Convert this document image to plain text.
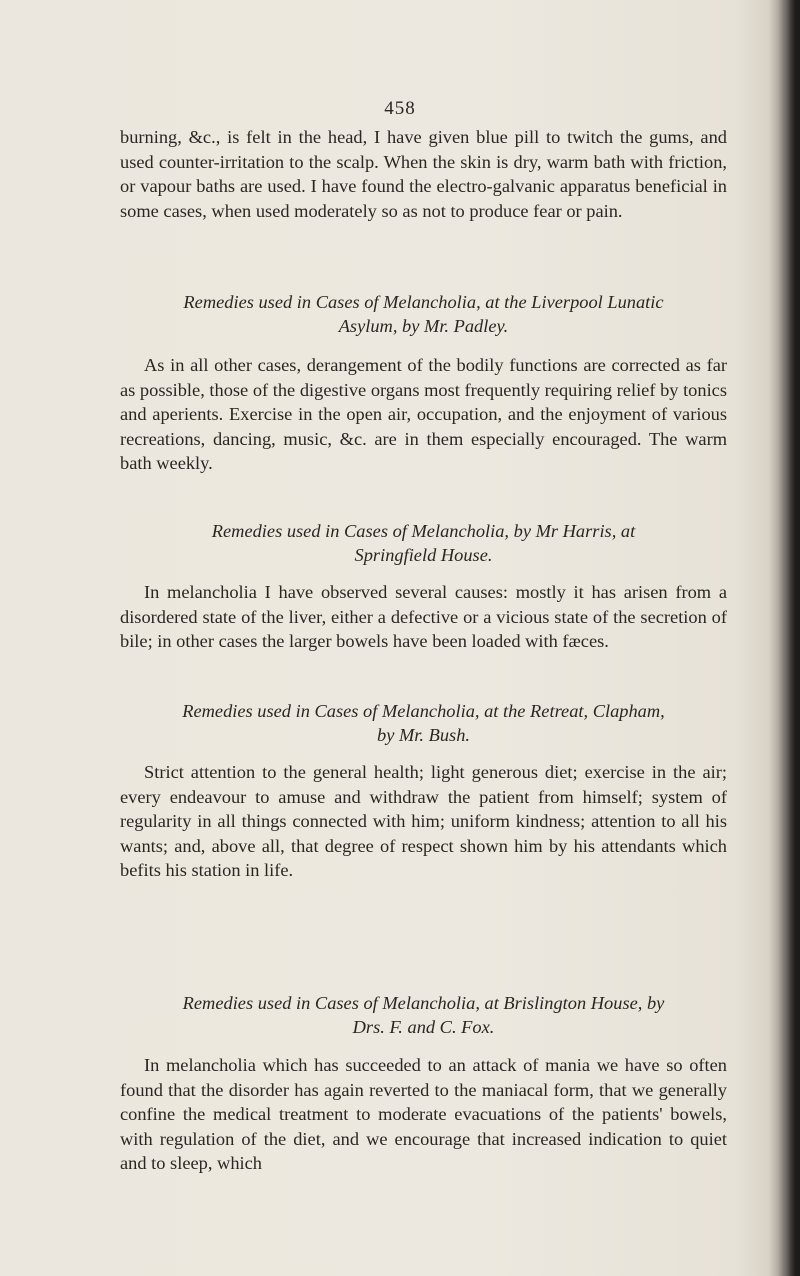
458

burning, &c., is felt in the head, I have given blue pill to twitch the gums, and used counter-irritation to the scalp. When the skin is dry, warm bath with friction, or vapour baths are used. I have found the electro-galvanic apparatus beneficial in some cases, when used moderately so as not to produce fear or pain.

Remedies used in Cases of Melancholia, at the Liverpool Lunatic
Asylum, by Mr. Padley.

As in all other cases, derangement of the bodily functions are corrected as far as possible, those of the digestive organs most frequently requiring relief by tonics and aperients. Exercise in the open air, occupation, and the enjoyment of various recreations, dancing, music, &c. are in them especially encouraged. The warm bath weekly.

Remedies used in Cases of Melancholia, by Mr Harris, at
Springfield House.

In melancholia I have observed several causes: mostly it has arisen from a disordered state of the liver, either a defective or a vicious state of the secretion of bile; in other cases the larger bowels have been loaded with fæces.

Remedies used in Cases of Melancholia, at the Retreat, Clapham,
by Mr. Bush.

Strict attention to the general health; light generous diet; exercise in the air; every endeavour to amuse and withdraw the patient from himself; system of regularity in all things connected with him; uniform kindness; attention to all his wants; and, above all, that degree of respect shown him by his attendants which befits his station in life.

Remedies used in Cases of Melancholia, at Brislington House, by
Drs. F. and C. Fox.

In melancholia which has succeeded to an attack of mania we have so often found that the disorder has again reverted to the maniacal form, that we generally confine the medical treatment to moderate evacuations of the patients' bowels, with regulation of the diet, and we encourage that increased indication to quiet and to sleep, which
